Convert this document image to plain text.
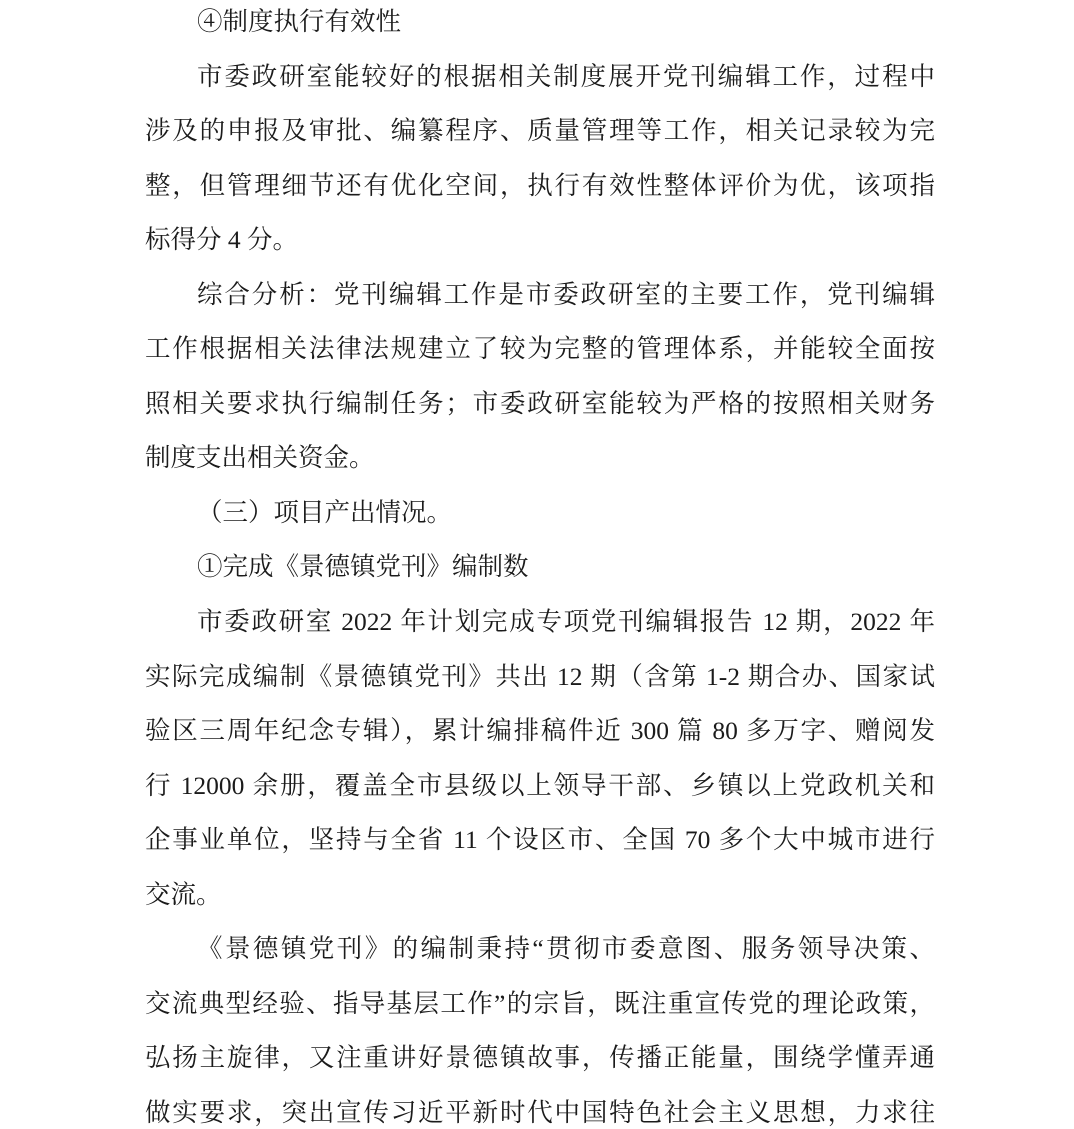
④制度执行有效性
市委政研室能较好的根据相关制度展开党刊编辑工作，过程中
涉及的申报及审批、编纂程序、质量管理等工作，相关记录较为完
整，但管理细节还有优化空间，执行有效性整体评价为优，该项指
标得分 4 分。
综合分析：党刊编辑工作是市委政研室的主要工作，党刊编辑
工作根据相关法律法规建立了较为完整的管理体系，并能较全面按
照相关要求执行编制任务；市委政研室能较为严格的按照相关财务
制度支出相关资金。
（三）项目产出情况。
①完成《景德镇党刊》编制数
市委政研室 2022 年计划完成专项党刊编辑报告 12 期，2022 年
实际完成编制《景德镇党刊》共出 12 期（含第 1-2 期合办、国家试
验区三周年纪念专辑），累计编排稿件近 300 篇 80 多万字、赠阅发
行 12000 余册，覆盖全市县级以上领导干部、乡镇以上党政机关和
企事业单位，坚持与全省 11 个设区市、全国 70 多个大中城市进行
交流。
《景德镇党刊》的编制秉持“贯彻市委意图、服务领导决策、
交流典型经验、指导基层工作”的宗旨，既注重宣传党的理论政策，
弘扬主旋律，又注重讲好景德镇故事，传播正能量，围绕学懂弄通
做实要求，突出宣传习近平新时代中国特色社会主义思想，力求往
